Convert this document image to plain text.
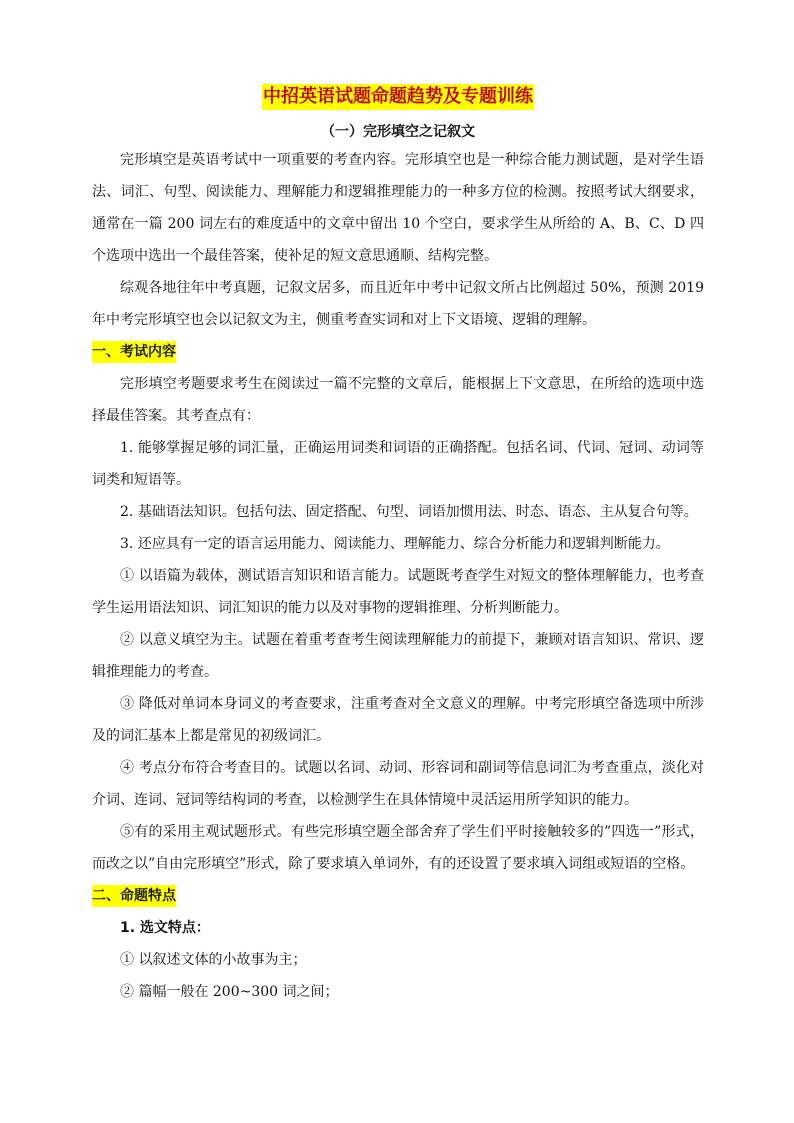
中招英语试题命题趋势及专题训练
（一）完形填空之记叙文

完形填空是英语考试中一项重要的考查内容。完形填空也是一种综合能力测试题，是对学生语法、词汇、句型、阅读能力、理解能力和逻辑推理能力的一种多方位的检测。按照考试大纲要求，通常在一篇 200 词左右的难度适中的文章中留出 10 个空白，要求学生从所给的 A、B、C、D 四个选项中选出一个最佳答案，使补足的短文意思通顺、结构完整。

综观各地往年中考真题，记叙文居多，而且近年中考中记叙文所占比例超过 50%，预测 2019 年中考完形填空也会以记叙文为主，侧重考查实词和对上下文语境、逻辑的理解。

一、考试内容

完形填空考题要求考生在阅读过一篇不完整的文章后，能根据上下文意思，在所给的选项中选择最佳答案。其考查点有：

1. 能够掌握足够的词汇量，正确运用词类和词语的正确搭配。包括名词、代词、冠词、动词等词类和短语等。

2. 基础语法知识。包括句法、固定搭配、句型、词语加惯用法、时态、语态、主从复合句等。

3. 还应具有一定的语言运用能力、阅读能力、理解能力、综合分析能力和逻辑判断能力。

① 以语篇为载体，测试语言知识和语言能力。试题既考查学生对短文的整体理解能力，也考查学生运用语法知识、词汇知识的能力以及对事物的逻辑推理、分析判断能力。

② 以意义填空为主。试题在着重考查考生阅读理解能力的前提下，兼顾对语言知识、常识、逻辑推理能力的考查。

③ 降低对单词本身词义的考查要求，注重考查对全文意义的理解。中考完形填空备选项中所涉及的词汇基本上都是常见的初级词汇。

④ 考点分布符合考查目的。试题以名词、动词、形容词和副词等信息词汇为考查重点，淡化对介词、连词、冠词等结构词的考查，以检测学生在具体情境中灵活运用所学知识的能力。

⑤有的采用主观试题形式。有些完形填空题全部舍弃了学生们平时接触较多的”四选一”形式，而改之以”自由完形填空”形式，除了要求填入单词外，有的还设置了要求填入词组或短语的空格。

二、命题特点

1. 选文特点：

① 以叙述文体的小故事为主；

② 篇幅一般在 200~300 词之间；
